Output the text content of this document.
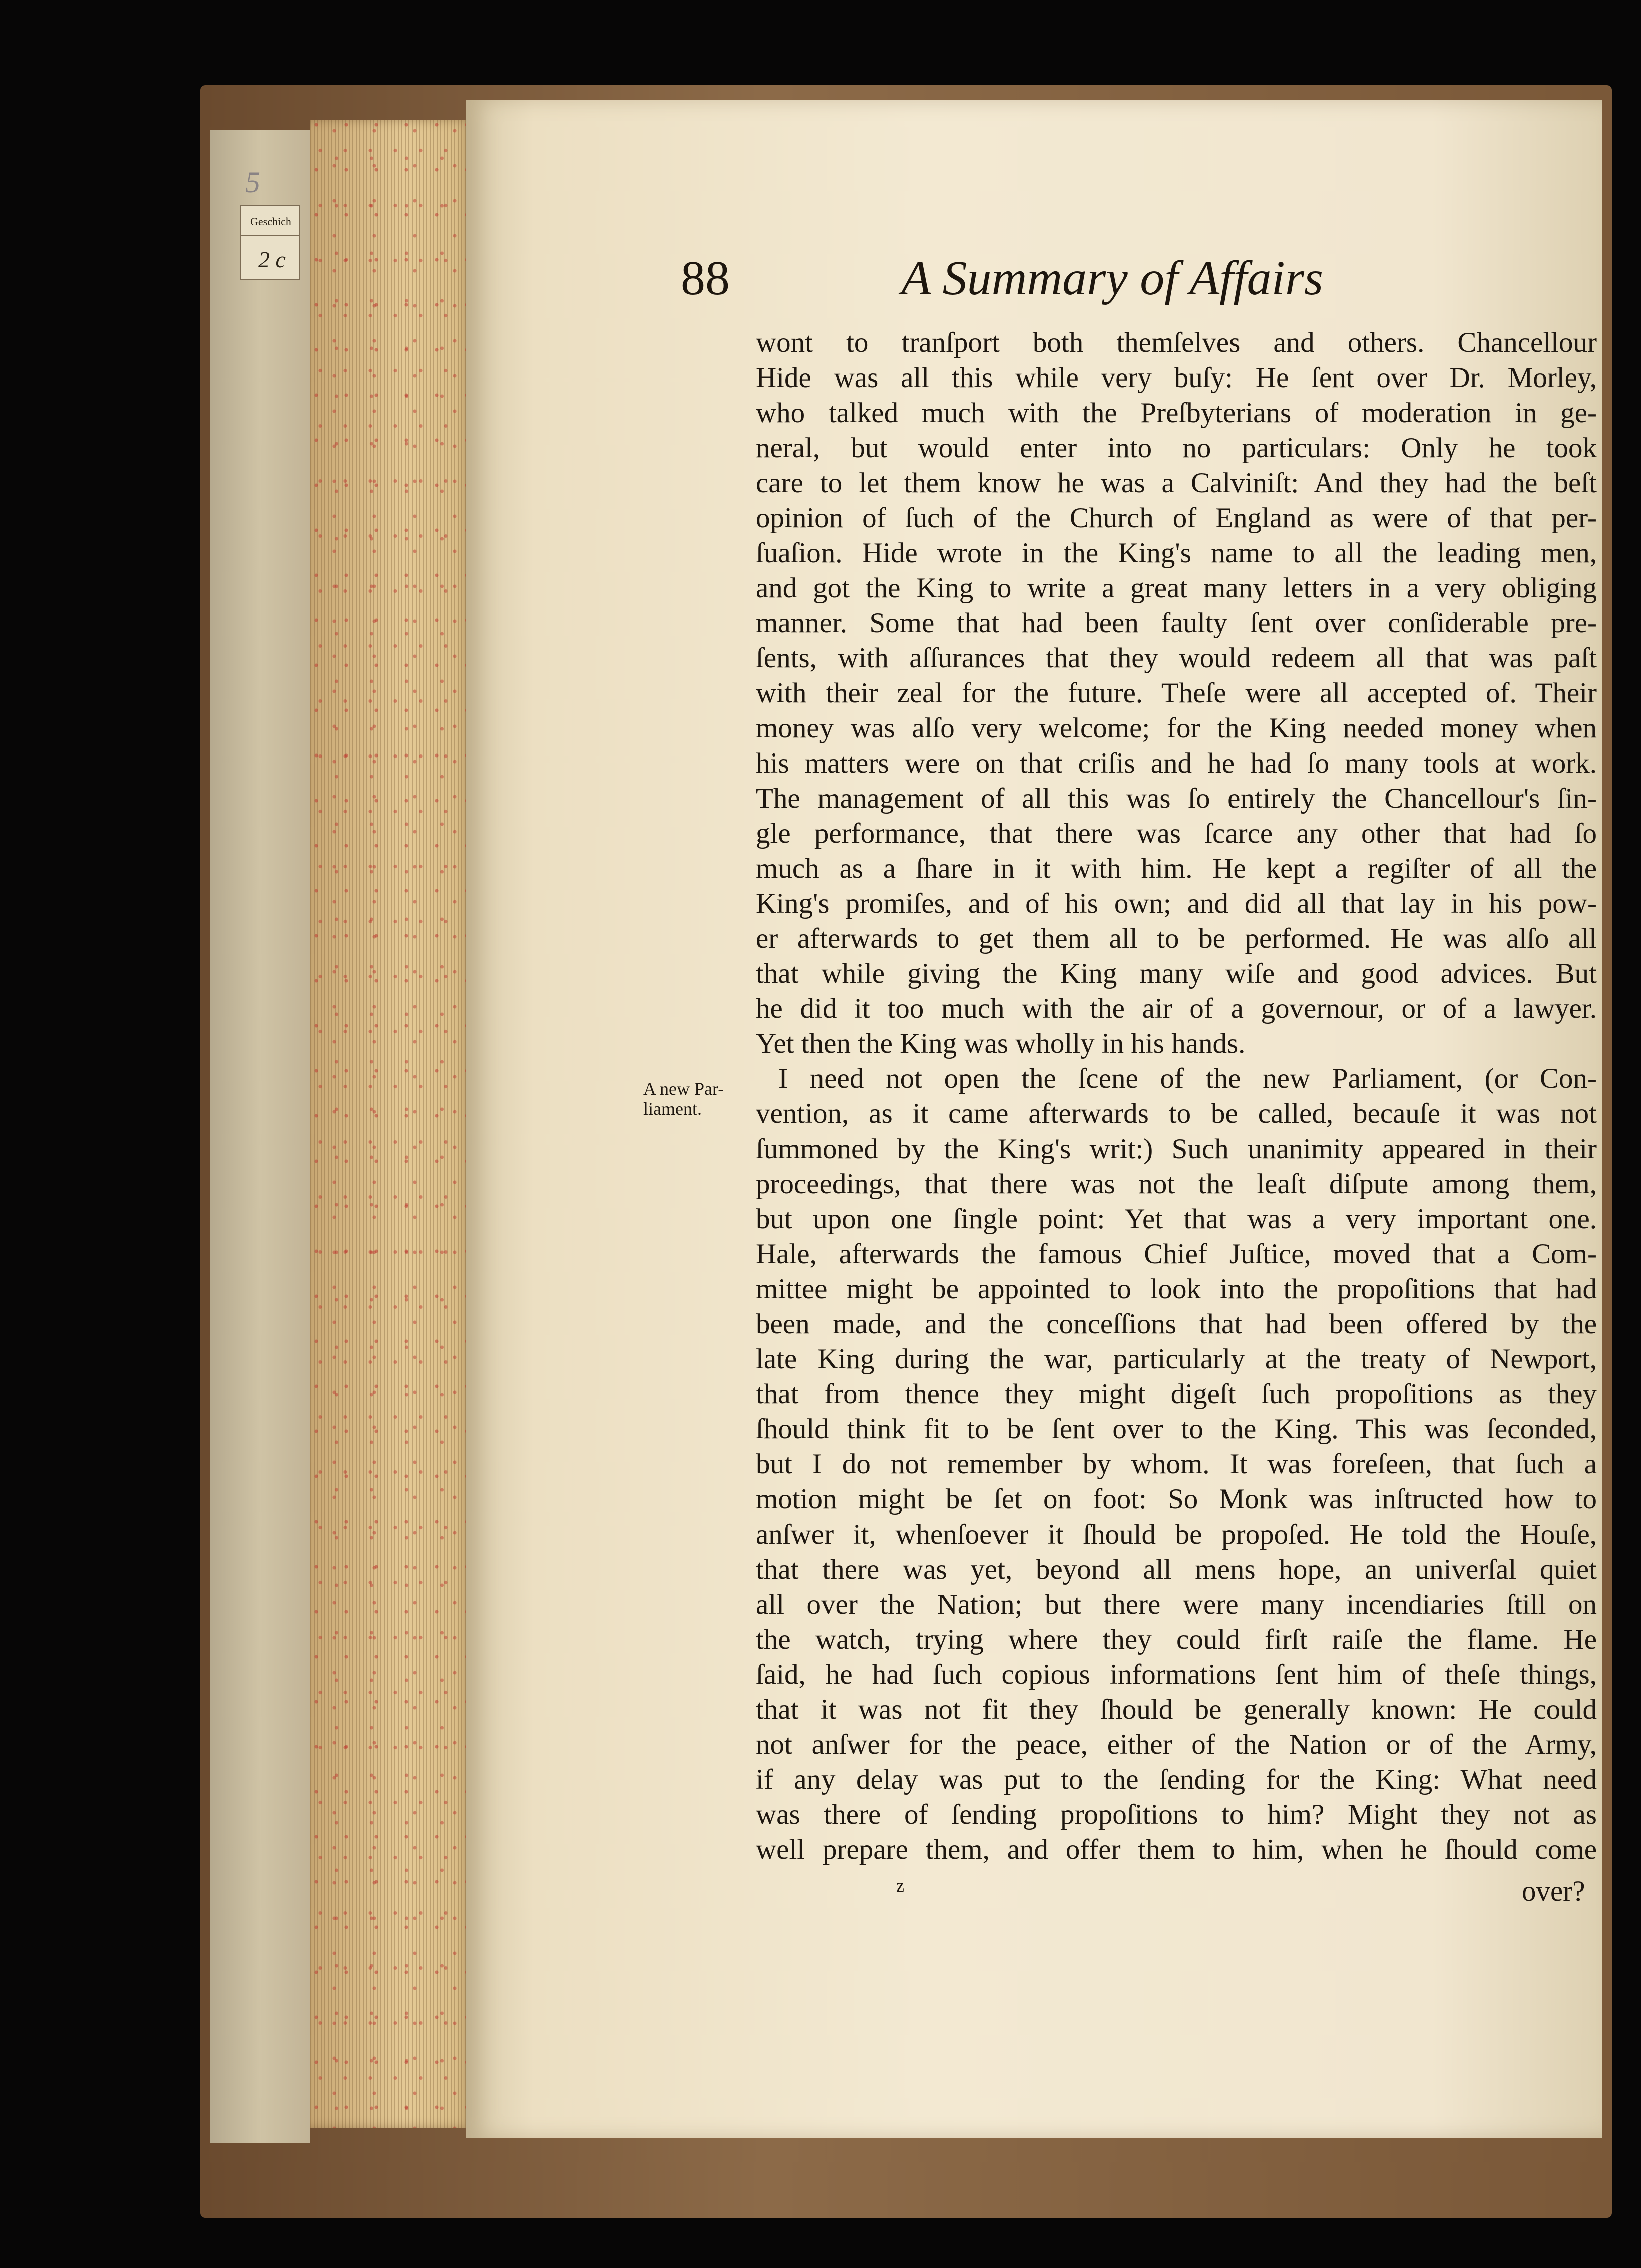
5
Geschich
2 c	88	A Summary of Affairs
A new Par-
liament.
wont to tranſport both themſelves and others. Chancellour
Hide was all this while very buſy: He ſent over Dr. Morley,
who talked much with the Preſbyterians of moderation in ge-
neral, but would enter into no particulars: Only he took
care to let them know he was a Calviniſt: And they had the beſt
opinion of ſuch of the Church of England as were of that per-
ſuaſion. Hide wrote in the King's name to all the leading men,
and got the King to write a great many letters in a very obliging
manner. Some that had been faulty ſent over conſiderable pre-
ſents, with aſſurances that they would redeem all that was paſt
with their zeal for the future. Theſe were all accepted of. Their
money was alſo very welcome; for the King needed money when
his matters were on that criſis and he had ſo many tools at work.
The management of all this was ſo entirely the Chancellour's ſin-
gle performance, that there was ſcarce any other that had ſo
much as a ſhare in it with him. He kept a regiſter of all the
King's promiſes, and of his own; and did all that lay in his pow-
er afterwards to get them all to be performed. He was alſo all
that while giving the King many wiſe and good advices. But
he did it too much with the air of a governour, or of a lawyer.
Yet then the King was wholly in his hands.
I need not open the ſcene of the new Parliament, (or Con-
vention, as it came afterwards to be called, becauſe it was not
ſummoned by the King's writ:) Such unanimity appeared in their
proceedings, that there was not the leaſt diſpute among them,
but upon one ſingle point: Yet that was a very important one.
Hale, afterwards the famous Chief Juſtice, moved that a Com-
mittee might be appointed to look into the propoſitions that had
been made, and the conceſſions that had been offered by the
late King during the war, particularly at the treaty of Newport,
that from thence they might digeſt ſuch propoſitions as they
ſhould think fit to be ſent over to the King. This was ſeconded,
but I do not remember by whom. It was foreſeen, that ſuch a
motion might be ſet on foot: So Monk was inſtructed how to
anſwer it, whenſoever it ſhould be propoſed. He told the Houſe,
that there was yet, beyond all mens hope, an univerſal quiet
all over the Nation; but there were many incendiaries ſtill on
the watch, trying where they could firſt raiſe the flame. He
ſaid, he had ſuch copious informations ſent him of theſe things,
that it was not fit they ſhould be generally known: He could
not anſwer for the peace, either of the Nation or of the Army,
if any delay was put to the ſending for the King: What need
was there of ſending propoſitions to him? Might they not as
well prepare them, and offer them to him, when he ſhould come
z	over?
